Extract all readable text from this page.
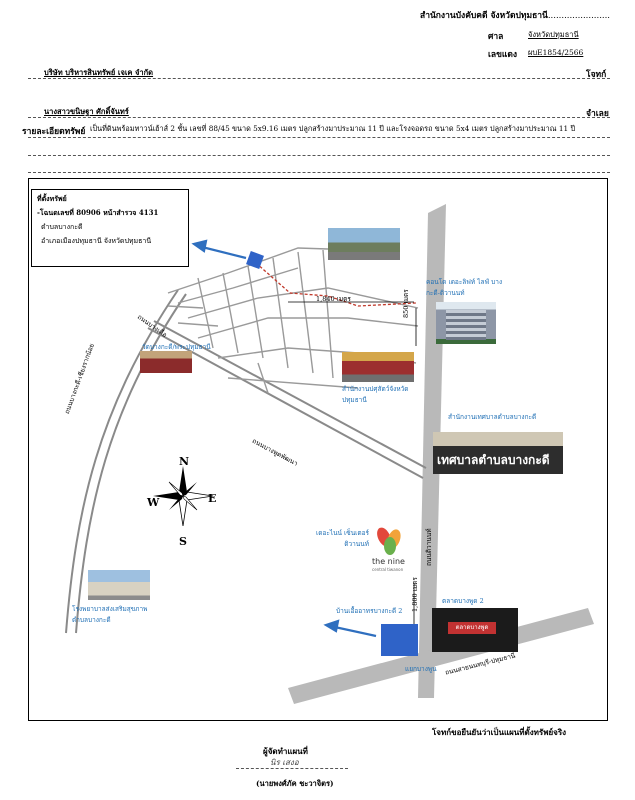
สำนักงานบังคับคดี จังหวัดปทุมธานี.......................
ศาล	จังหวัดปทุมธานี
เลขแดง ผบE1854/2566
บริษัท บริหารสินทรัพย์ เจเค จำกัด	โจทก์
นางสาวขนิษฐา ศักดิ์จันทร์	จำเลย
รายละเอียดทรัพย์ เป็นที่ดินพร้อมทาวน์เฮ้าส์ 2 ชั้น เลขที่ 88/45 ขนาด 5x9.16 เมตร ปลูกสร้างมาประมาณ 11 ปี และโรงจอดรถ ขนาด 5x4 เมตร ปลูกสร้างมาประมาณ 11 ปี
N
E
S
W
ที่ตั้งทรัพย์
-โฉนดเลขที่ 80906 หน้าสำรวจ 4131
ตำบลบางกะดี
อำเภอเมืองปทุมธานี จังหวัดปทุมธานี
เทศบาลตำบลบางกะดี
ตลาดบางพูด
the nine
central tiwanon
คอนโด เดอะลิฟท์ ไลฟ์ บาง
กะดี-ติวานนท์
วัดบางกะดี/พระปทุมธานี
สำนักงานปศุสัตว์จังหวัด
ปทุมธานี
สำนักงานเทศบาลตำบลบางกะดี
เดอะไนน์ เซ็นเตอร์
ติวานนท์
โรงพยาบาลส่งเสริมสุขภาพ
ตำบลบางกะดี
บ้านเอื้ออาทรบางกะดี 2
ตลาดบางพูด 2
1,840 เมตร	850 เมตร
1,800 เมตร
ถนนบางกะดี-เชียงรากน้อย
ถนนบางพูดพัฒนา
ถนนบางเดื่อ
ถนนติวานนท์
ถนนสายนนทบุรี-ปทุมธานี
แยกบางพูน
โจทก์ขอยืนยันว่าเป็นแผนที่ตั้งทรัพย์จริง
ผู้จัดทำแผนที่
นิร เสงอ
(นายพงศ์ภัค ชะวาจิตร)
